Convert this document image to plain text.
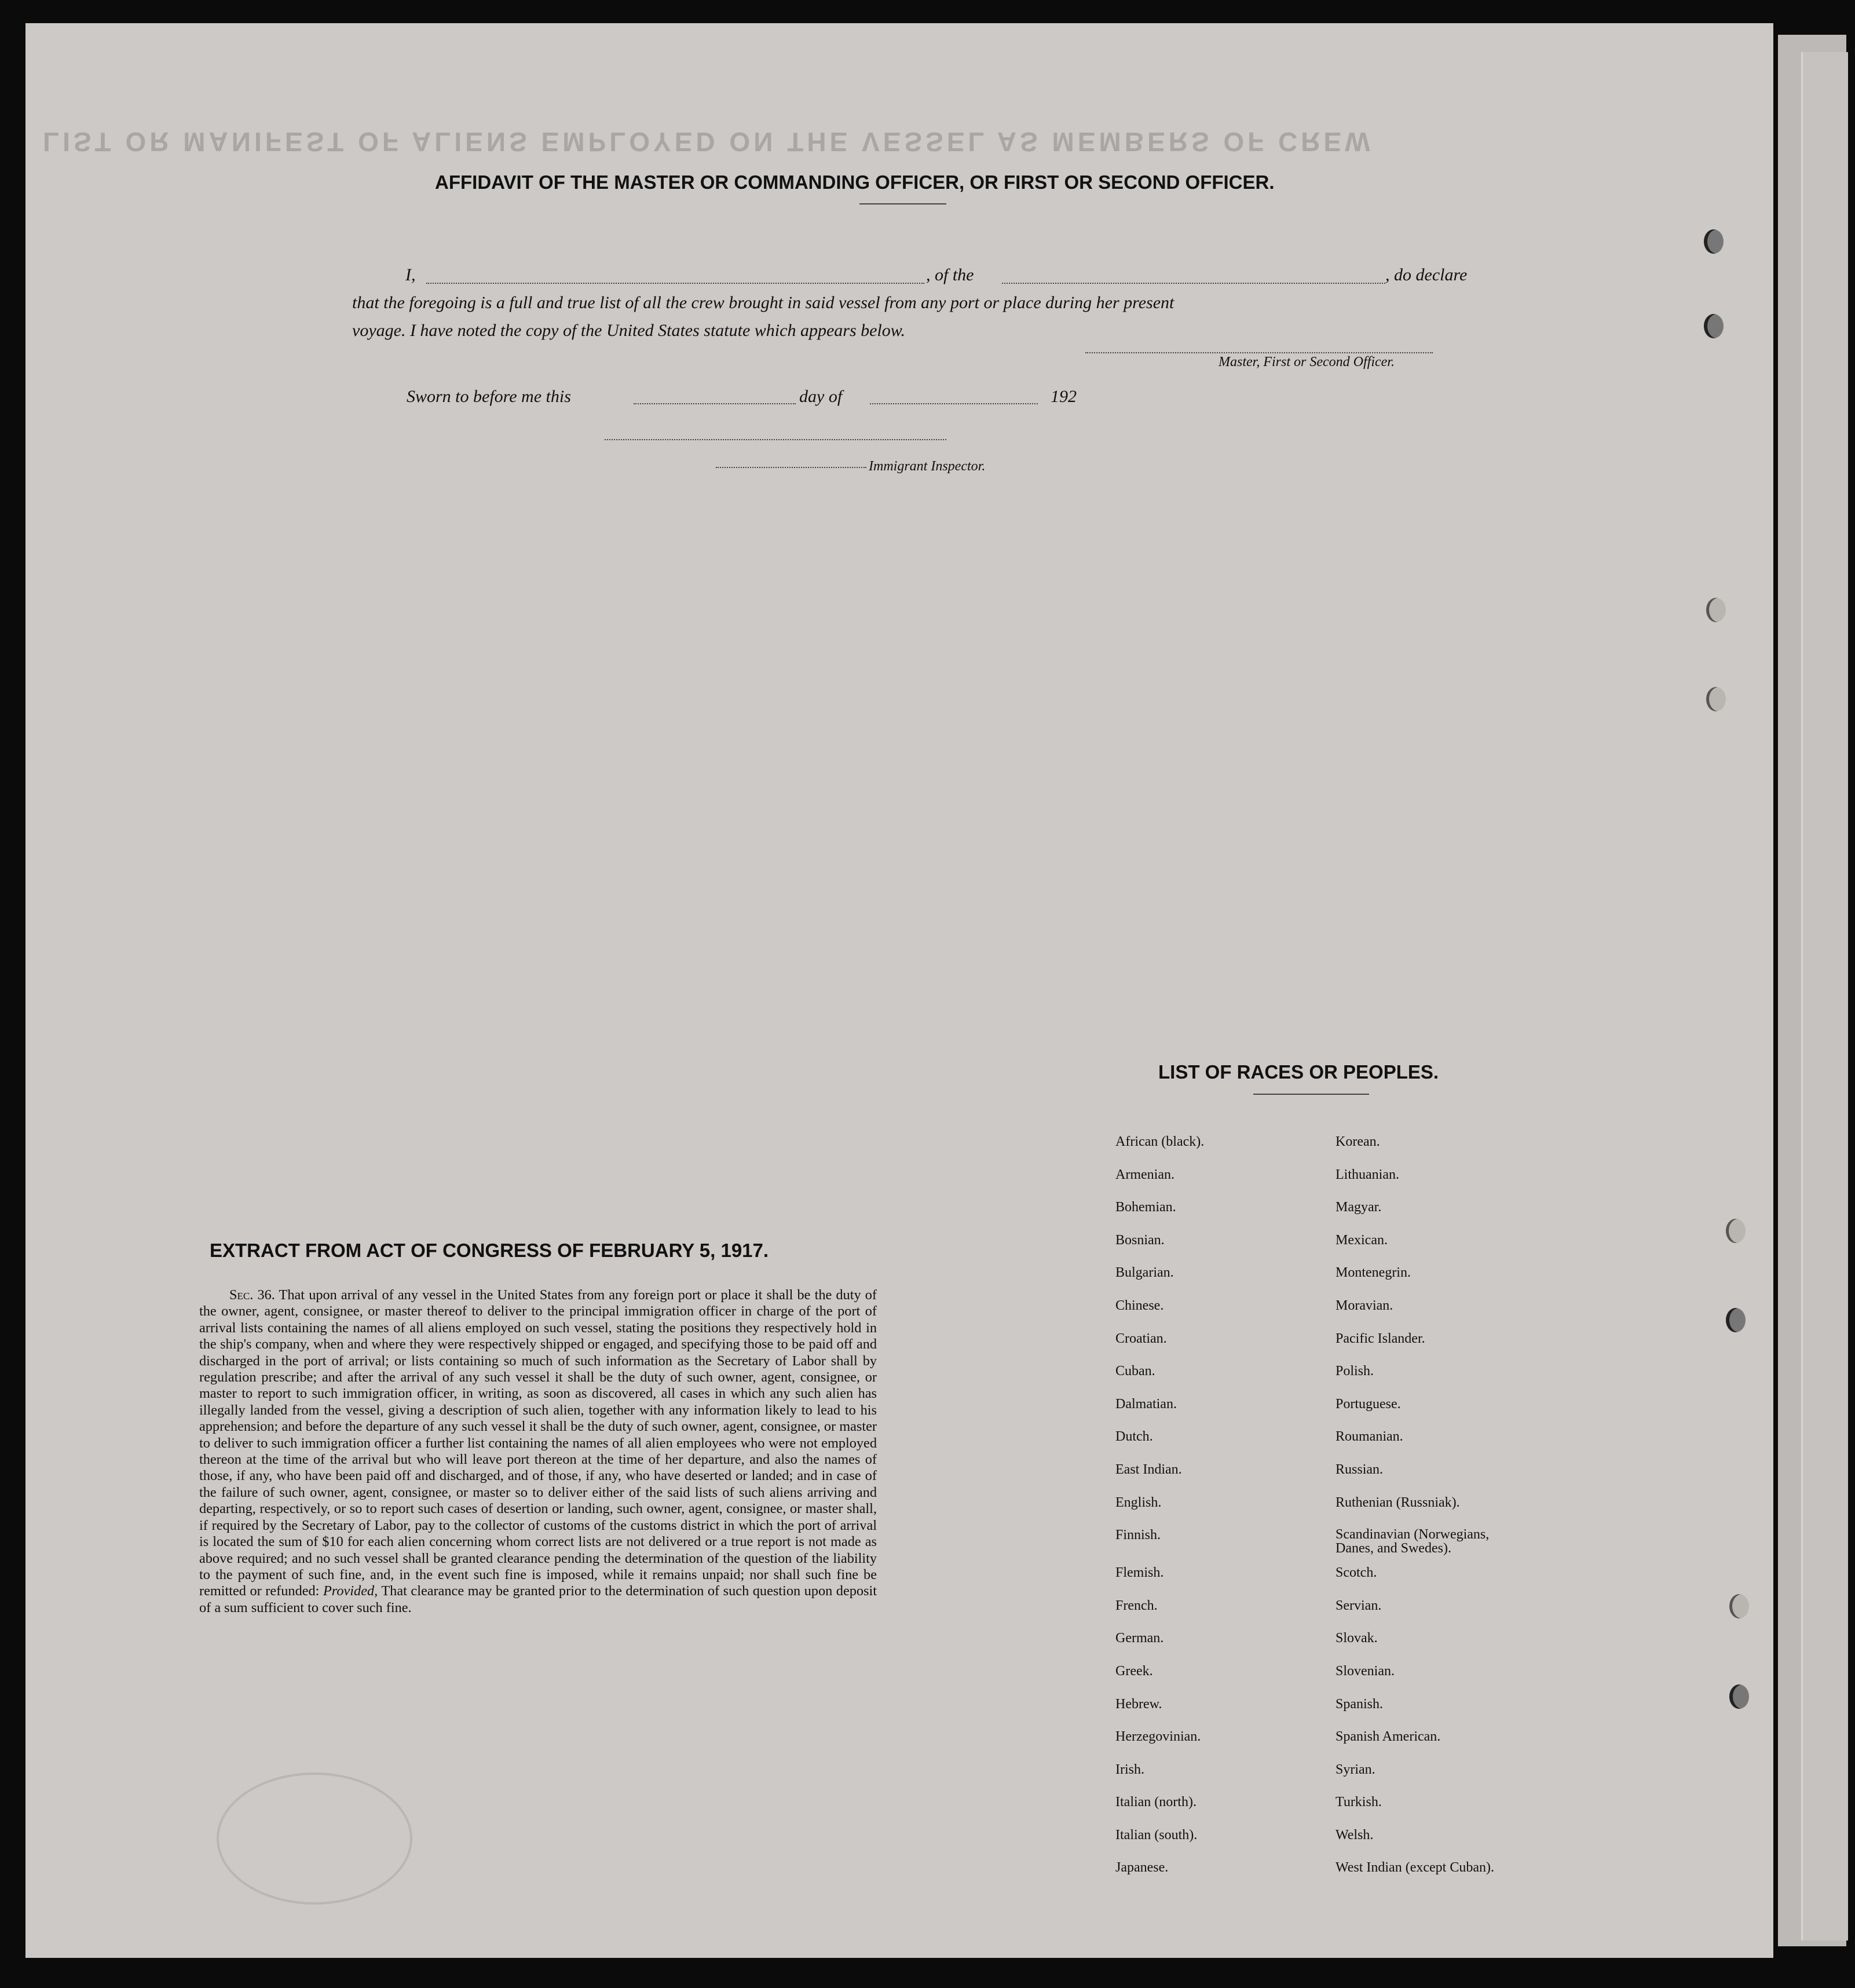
LIST OR MANIFEST OF ALIENS EMPLOYED ON THE VESSEL AS MEMBERS OF CREW
AFFIDAVIT OF THE MASTER OR COMMANDING OFFICER, OR FIRST OR SECOND OFFICER.
I,	, of the	, do declare
that the foregoing is a full and true list of all the crew brought in said vessel from any port or place during her present
voyage. I have noted the copy of the United States statute which appears below.
Master, First or Second Officer.
Sworn to before me this	day of	192
Immigrant Inspector.
LIST OF RACES OR PEOPLES.
African (black).
Armenian.
Bohemian.
Bosnian.
Bulgarian.
Chinese.
Croatian.
Cuban.
Dalmatian.
Dutch.
East Indian.
English.
Finnish.
Flemish.
French.
German.
Greek.
Hebrew.
Herzegovinian.
Irish.
Italian (north).
Italian (south).
Japanese.
Korean.
Lithuanian.
Magyar.
Mexican.
Montenegrin.
Moravian.
Pacific Islander.
Polish.
Portuguese.
Roumanian.
Russian.
Ruthenian (Russniak).
Scandinavian (Norwegians, Danes, and Swedes).
Scotch.
Servian.
Slovak.
Slovenian.
Spanish.
Spanish American.
Syrian.
Turkish.
Welsh.
West Indian (except Cuban).
EXTRACT FROM ACT OF CONGRESS OF FEBRUARY 5, 1917.
Sec. 36. That upon arrival of any vessel in the United States from any foreign port or place it shall be the duty of the owner, agent, consignee, or master thereof to deliver to the principal immigration officer in charge of the port of arrival lists containing the names of all aliens employed on such vessel, stating the positions they respectively hold in the ship's company, when and where they were respectively shipped or engaged, and specifying those to be paid off and discharged in the port of arrival; or lists containing so much of such information as the Secretary of Labor shall by regulation prescribe; and after the arrival of any such vessel it shall be the duty of such owner, agent, consignee, or master to report to such immigration officer, in writing, as soon as discovered, all cases in which any such alien has illegally landed from the vessel, giving a description of such alien, together with any information likely to lead to his apprehension; and before the departure of any such vessel it shall be the duty of such owner, agent, consignee, or master to deliver to such immigration officer a further list containing the names of all alien employees who were not employed thereon at the time of the arrival but who will leave port thereon at the time of her departure, and also the names of those, if any, who have been paid off and discharged, and of those, if any, who have deserted or landed; and in case of the failure of such owner, agent, consignee, or master so to deliver either of the said lists of such aliens arriving and departing, respectively, or so to report such cases of desertion or landing, such owner, agent, consignee, or master shall, if required by the Secretary of Labor, pay to the collector of customs of the customs district in which the port of arrival is located the sum of $10 for each alien concerning whom correct lists are not delivered or a true report is not made as above required; and no such vessel shall be granted clearance pending the determination of the question of the liability to the payment of such fine, and, in the event such fine is imposed, while it remains unpaid; nor shall such fine be remitted or refunded: Provided, That clearance may be granted prior to the determination of such question upon deposit of a sum sufficient to cover such fine.
